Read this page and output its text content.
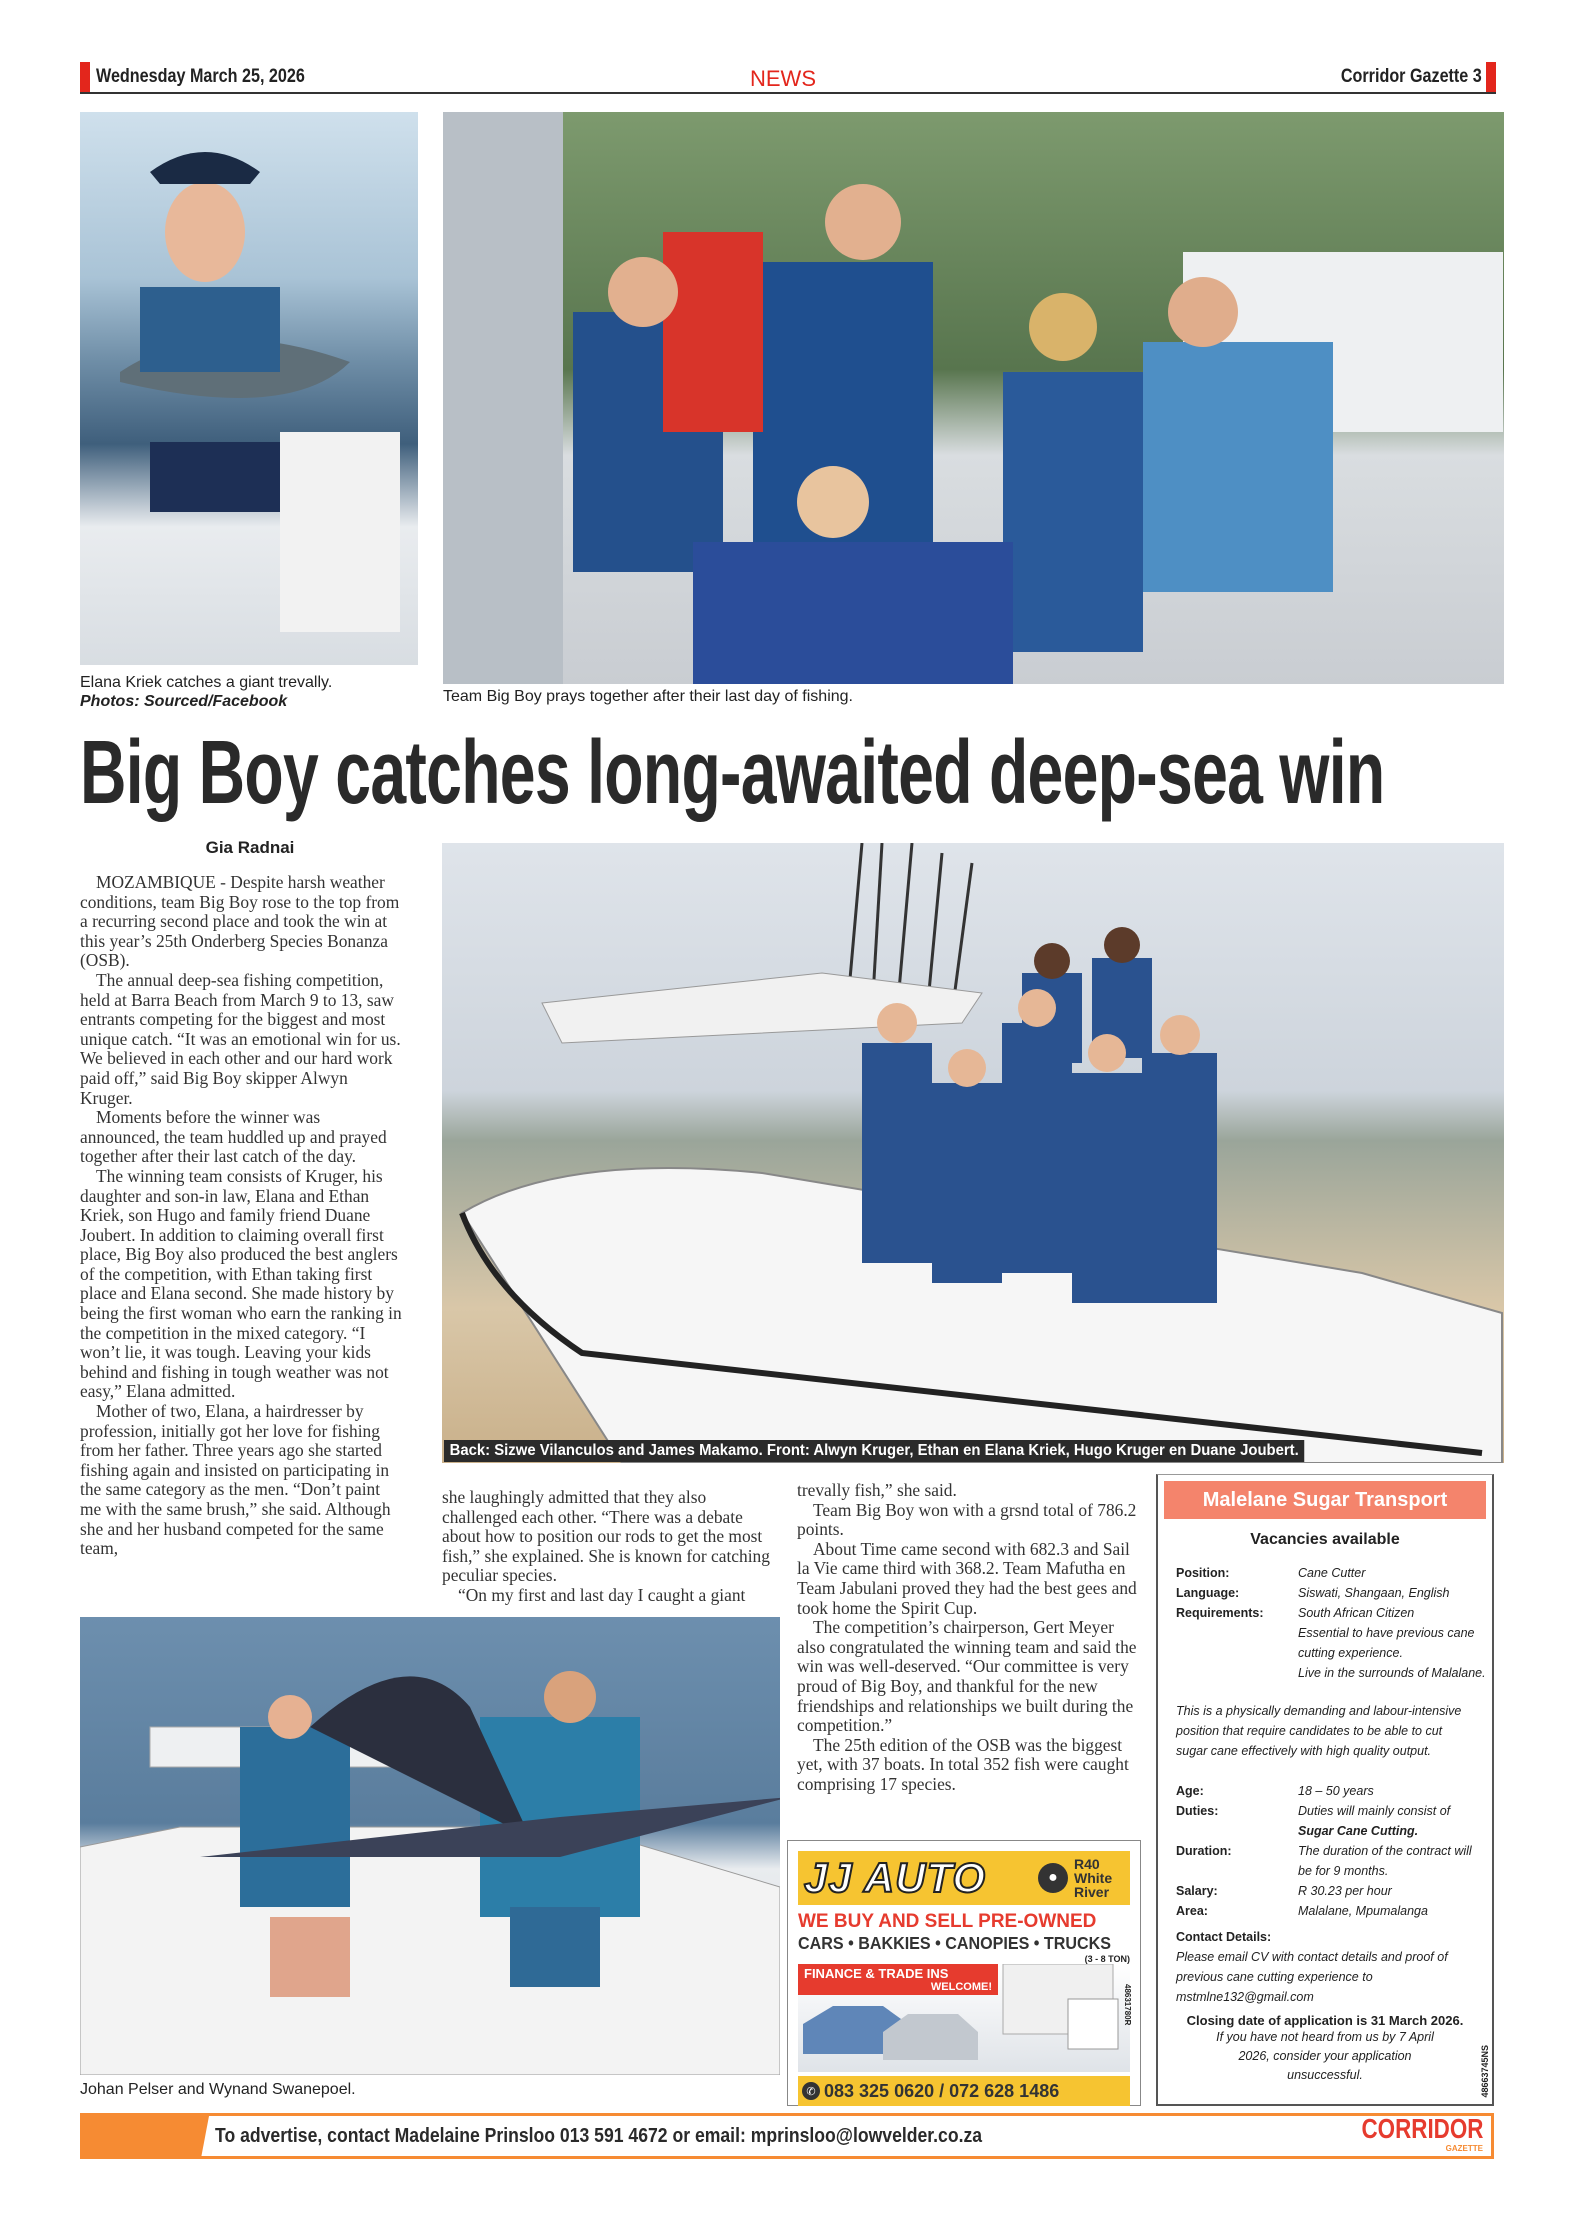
Wednesday March 25, 2026	NEWS	Corridor Gazette 3
Elana Kriek catches a giant trevally.
Photos: Sourced/Facebook	Team Big Boy prays together after their last day of fishing.
Big Boy catches long-awaited deep-sea win
Gia Radnai

MOZAMBIQUE - Despite harsh weather conditions, team Big Boy rose to the top from a recurring second place and took the win at this year’s 25th Onderberg Species Bonanza (OSB).

The annual deep-sea fishing competition, held at Barra Beach from March 9 to 13, saw entrants competing for the biggest and most unique catch. “It was an emotional win for us. We believed in each other and our hard work paid off,” said Big Boy skipper Alwyn Kruger.

Moments before the winner was announced, the team huddled up and prayed together after their last catch of the day.

The winning team consists of Kruger, his daughter and son-in law, Elana and Ethan Kriek, son Hugo and family friend Duane Joubert. In addition to claiming overall first place, Big Boy also produced the best anglers of the competition, with Ethan taking first place and Elana second. She made history by being the first woman who earn the ranking in the competition in the mixed category. “I won’t lie, it was tough. Leaving your kids behind and fishing in tough weather was not easy,” Elana admitted.

Mother of two, Elana, a hairdresser by profession, initially got her love for fishing from her father. Three years ago she started fishing again and insisted on participating in the same category as the men. “Don’t paint me with the same brush,” she said. Although she and her husband competed for the same team,

Back: Sizwe Vilanculos and James Makamo. Front: Alwyn Kruger, Ethan en Elana Kriek, Hugo Kruger en Duane Joubert.

she laughingly admitted that they also challenged each other. “There was a debate about how to position our rods to get the most fish,” she explained. She is known for catching peculiar species.

“On my first and last day I caught a giant

trevally fish,” she said.

Team Big Boy won with a grsnd total of 786.2 points.

About Time came second with 682.3 and Sail la Vie came third with 368.2. Team Mafutha en Team Jabulani proved they had the best gees and took home the Spirit Cup.

The competition’s chairperson, Gert Meyer also congratulated the winning team and said the win was well-deserved. “Our committee is very proud of Big Boy, and thankful for the new friendships and relationships we built during the competition.”

The 25th edition of the OSB was the biggest yet, with 37 boats. In total 352 fish were caught comprising 17 species.

Johan Pelser and Wynand Swanepoel.
JJ AUTO	●
R40 White River
WE BUY AND SELL PRE-OWNED
CARS • BAKKIES • CANOPIES • TRUCKS
(3 - 8 TON)
FINANCE & TRADE INS
WELCOME!	48631780R
✆ 083 325 0620 / 072 628 1486
Malelane Sugar Transport
Vacancies available
Position:	Cane Cutter
Language:	Siswati, Shangaan, English
Requirements:	South African Citizen
Essential to have previous cane cutting experience.
Live in the surrounds of Malalane.
This is a physically demanding and labour-intensive position that require candidates to be able to cut sugar cane effectively with high quality output.
Age:	18 – 50 years
Duties:	Duties will mainly consist of
Sugar Cane Cutting.
Duration:	The duration of the contract will be for 9 months.
Salary:	R 30.23 per hour
Area:	Malalane, Mpumalanga
Contact Details:
Please email CV with contact details and proof of previous cane cutting experience to
mstmlne132@gmail.com
Closing date of application is 31 March 2026.
If you have not heard from us by 7 April 2026, consider your application unsuccessful.	48663745NS
To advertise, contact Madelaine Prinsloo 013 591 4672 or email: mprinsloo@lowvelder.co.za	CORRIDOR
GAZETTE
